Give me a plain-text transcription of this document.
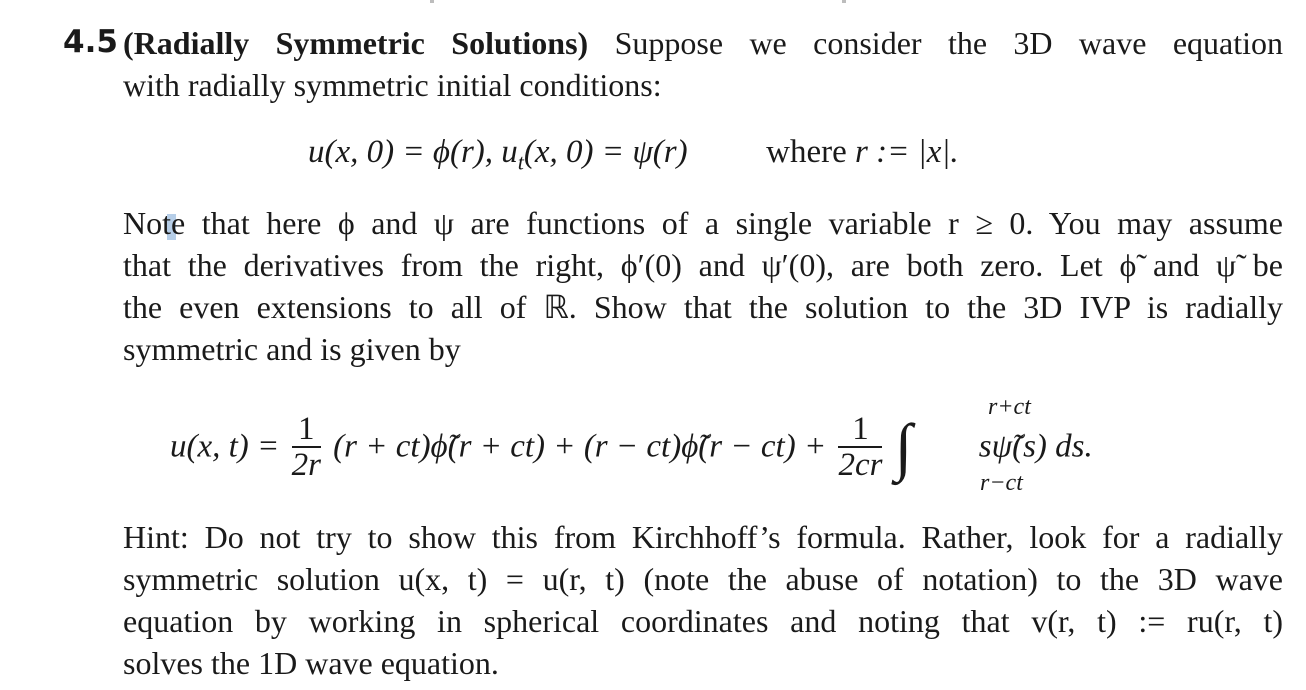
4.5 (Radially Symmetric Solutions) Suppose we consider the 3D wave equation
with radially symmetric initial conditions:

u(x, 0) = ϕ(r), $u_t(x$, 0) = ψ(r) where r := |x|.

Note that here ϕ and ψ are functions of a single variable r ≥ 0. You may assume
that the derivatives from the right, ϕ′(0) and ψ′(0), are both zero. Let ϕ̃ and ψ̃ be
the even extensions to all of ℝ. Show that the solution to the 3D IVP is radially
symmetric and is given by

u(x, $t) = \frac{1}{2r} (r$ + ct)ϕ̃(r + ct) + (r − ct)ϕ̃(r − $ct) + \frac{1}{2cr}$ ∫ sψ̃(s) ds.
r+ct
r−ct

Hint: Do not try to show this from Kirchhoff’s formula. Rather, look for a radially
symmetric solution u(x, t) = u(r, t) (note the abuse of notation) to the 3D wave
equation by working in spherical coordinates and noting that v(r, t) := ru(r, t)
solves the 1D wave equation.
